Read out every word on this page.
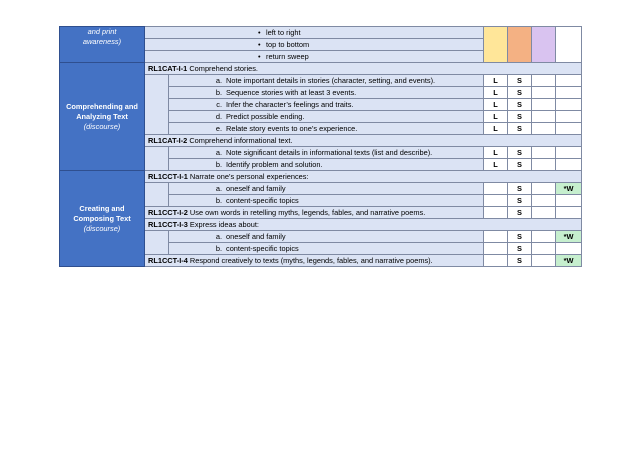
and print
awareness)	• left to right					
	• top to bottom					
	• return sweep					

Comprehending and Analyzing Text
(discourse)	RL1CAT-I-1 Comprehend stories.					
		a. Note important details in stories (character, setting, and events).	L	S		
		b. Sequence stories with at least 3 events.	L	S		
		c. Infer the character’s feelings and traits.	L	S		
		d. Predict possible ending.	L	S		
		e. Relate story events to one’s experience.	L	S		
	RL1CAT-I-2 Comprehend informational text.					
		a. Note significant details in informational texts (list and describe).	L	S		
		b. Identify problem and solution.	L	S		

Creating and Composing Text
(discourse)	RL1CCT-I-1 Narrate one’s personal experiences:					
		a. oneself and family		S		*W
		b. content-specific topics		S		
	RL1CCT-I-2 Use own words in retelling myths, legends, fables, and narrative poems.			S		
	RL1CCT-I-3 Express ideas about:					
		a. oneself and family		S		*W
		b. content-specific topics		S		
	RL1CCT-I-4 Respond creatively to texts (myths, legends, fables, and narrative poems).			S		*W
